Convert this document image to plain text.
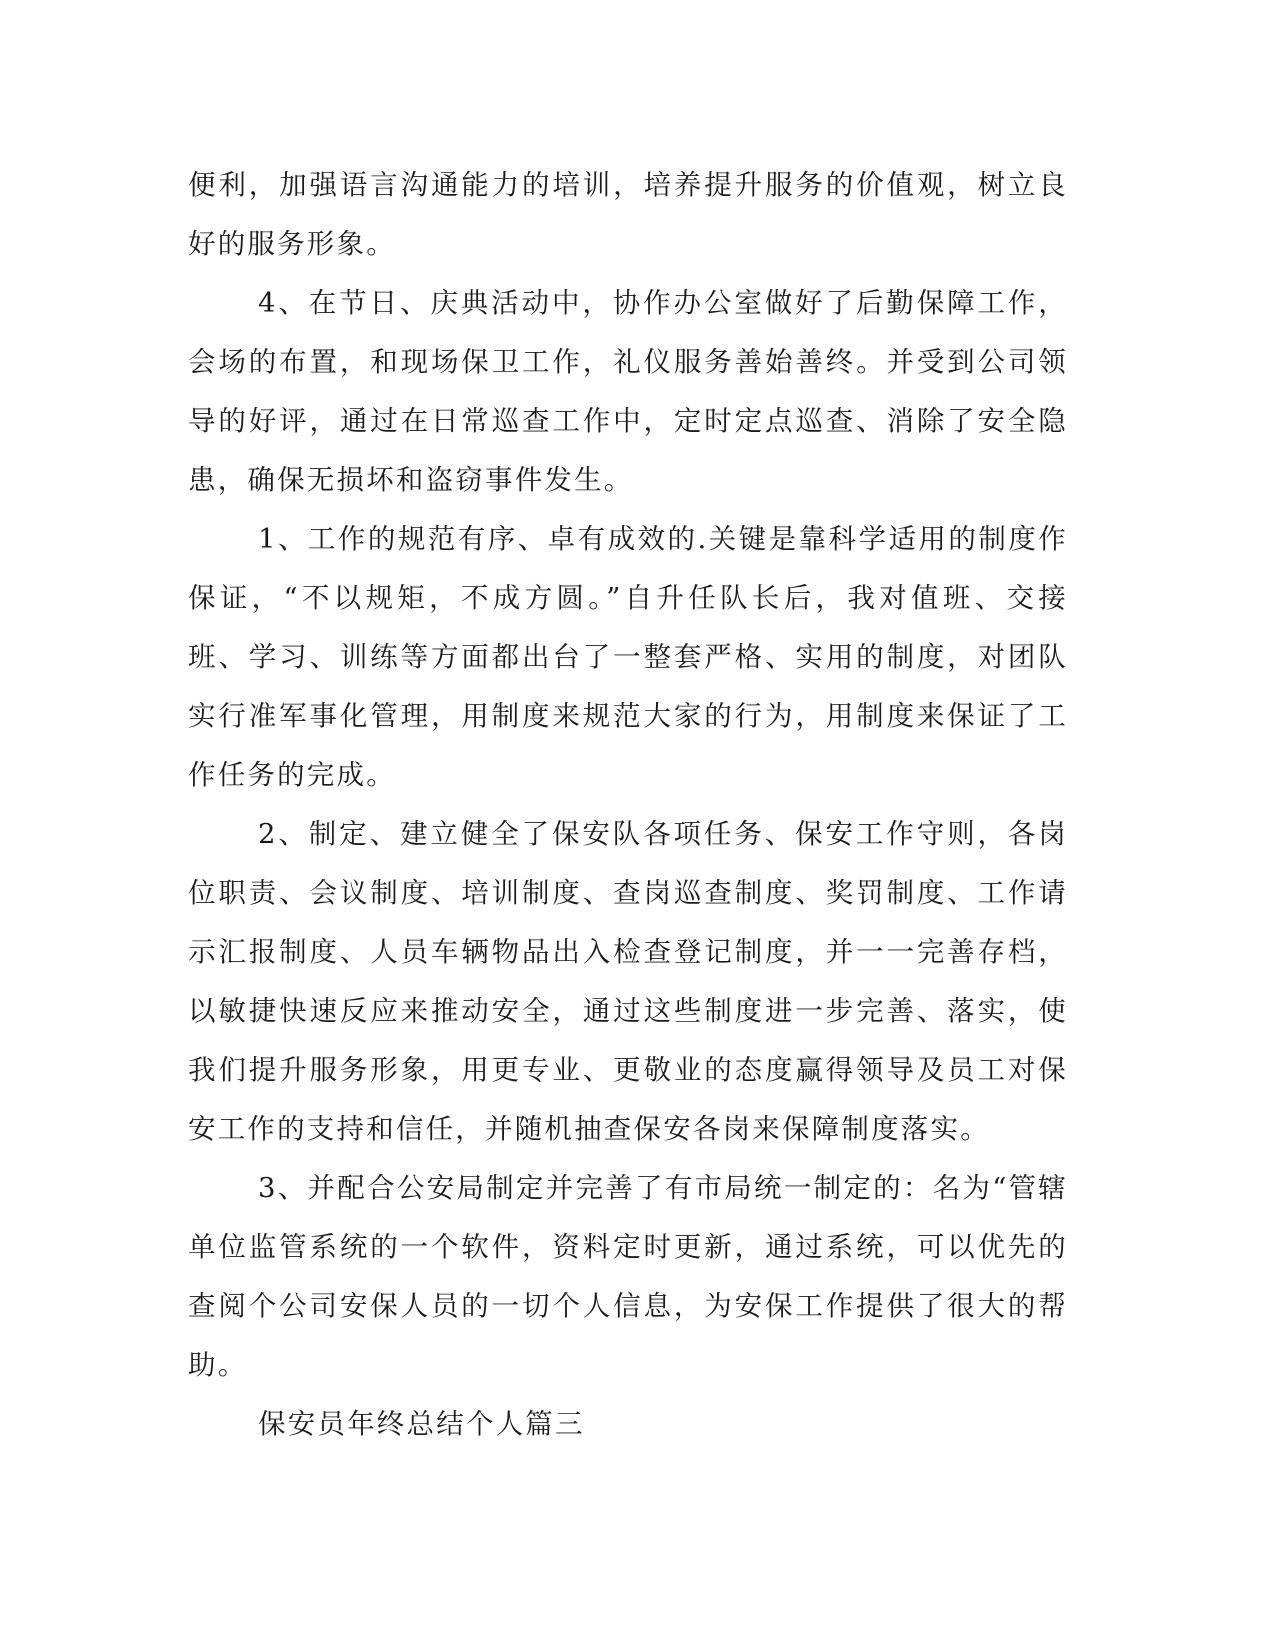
便利，加强语言沟通能力的培训，培养提升服务的价值观，树立良好的服务形象。

4、在节日、庆典活动中，协作办公室做好了后勤保障工作，会场的布置，和现场保卫工作，礼仪服务善始善终。并受到公司领导的好评，通过在日常巡查工作中，定时定点巡查、消除了安全隐患，确保无损坏和盗窃事件发生。

1、工作的规范有序、卓有成效的.关键是靠科学适用的制度作保证，“不以规矩，不成方圆。”自升任队长后，我对值班、交接班、学习、训练等方面都出台了一整套严格、实用的制度，对团队实行准军事化管理，用制度来规范大家的行为，用制度来保证了工作任务的完成。

2、制定、建立健全了保安队各项任务、保安工作守则，各岗位职责、会议制度、培训制度、查岗巡查制度、奖罚制度、工作请示汇报制度、人员车辆物品出入检查登记制度，并一一完善存档，以敏捷快速反应来推动安全，通过这些制度进一步完善、落实，使我们提升服务形象，用更专业、更敬业的态度赢得领导及员工对保安工作的支持和信任，并随机抽查保安各岗来保障制度落实。

3、并配合公安局制定并完善了有市局统一制定的：名为“管辖单位监管系统的一个软件，资料定时更新，通过系统，可以优先的查阅个公司安保人员的一切个人信息，为安保工作提供了很大的帮助。

保安员年终总结个人篇三
